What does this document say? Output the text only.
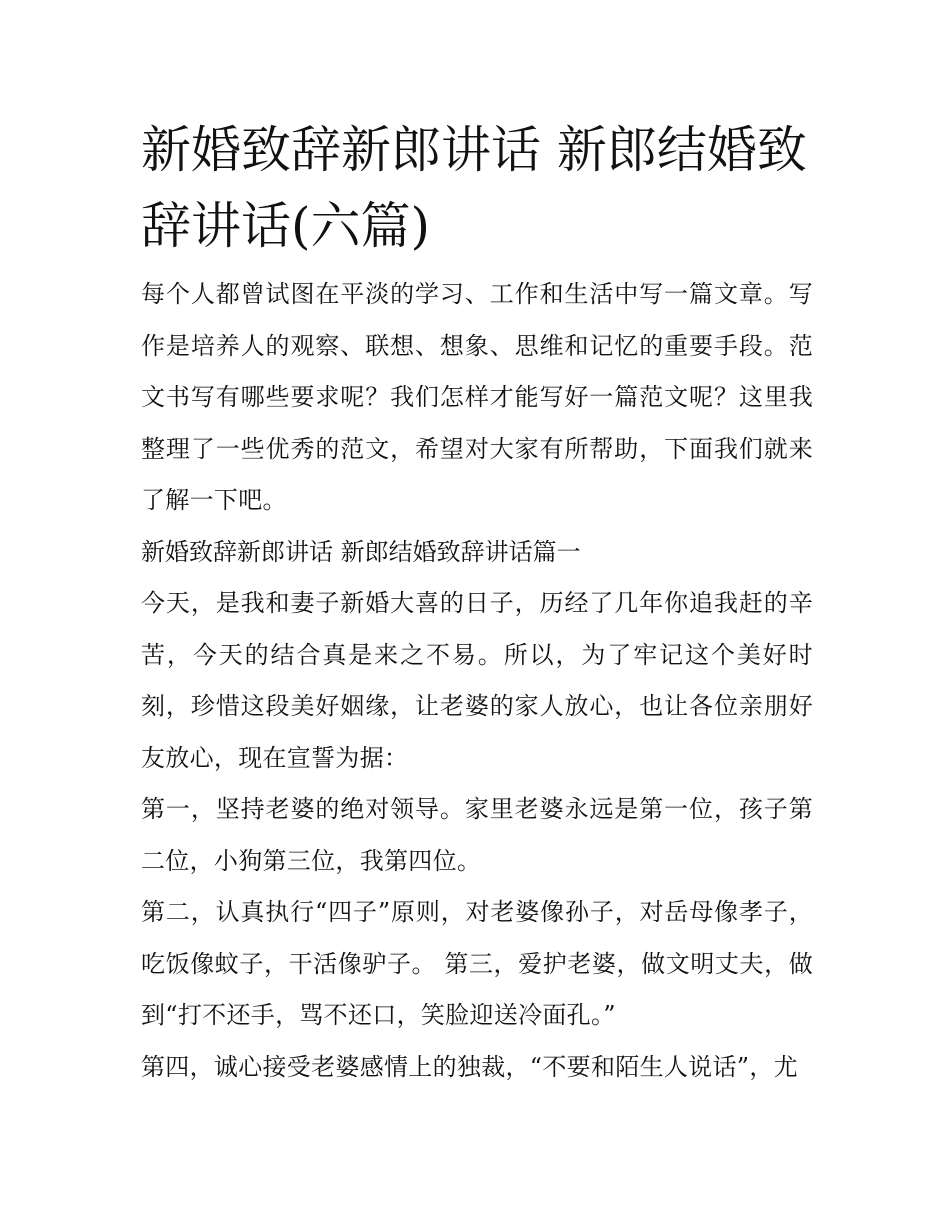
新婚致辞新郎讲话 新郎结婚致辞讲话(六篇)

每个人都曾试图在平淡的学习、工作和生活中写一篇文章。写作是培养人的观察、联想、想象、思维和记忆的重要手段。范文书写有哪些要求呢？我们怎样才能写好一篇范文呢？这里我整理了一些优秀的范文，希望对大家有所帮助，下面我们就来了解一下吧。

新婚致辞新郎讲话 新郎结婚致辞讲话篇一

今天，是我和妻子新婚大喜的日子，历经了几年你追我赶的辛苦，今天的结合真是来之不易。所以，为了牢记这个美好时刻，珍惜这段美好姻缘，让老婆的家人放心，也让各位亲朋好友放心，现在宣誓为据：

第一，坚持老婆的绝对领导。家里老婆永远是第一位，孩子第二位，小狗第三位，我第四位。

第二，认真执行“四子”原则，对老婆像孙子，对岳母像孝子，吃饭像蚊子，干活像驴子。 第三，爱护老婆，做文明丈夫，做到“打不还手，骂不还口，笑脸迎送冷面孔。”

第四，诚心接受老婆感情上的独裁，“不要和陌生人说话”，尤
